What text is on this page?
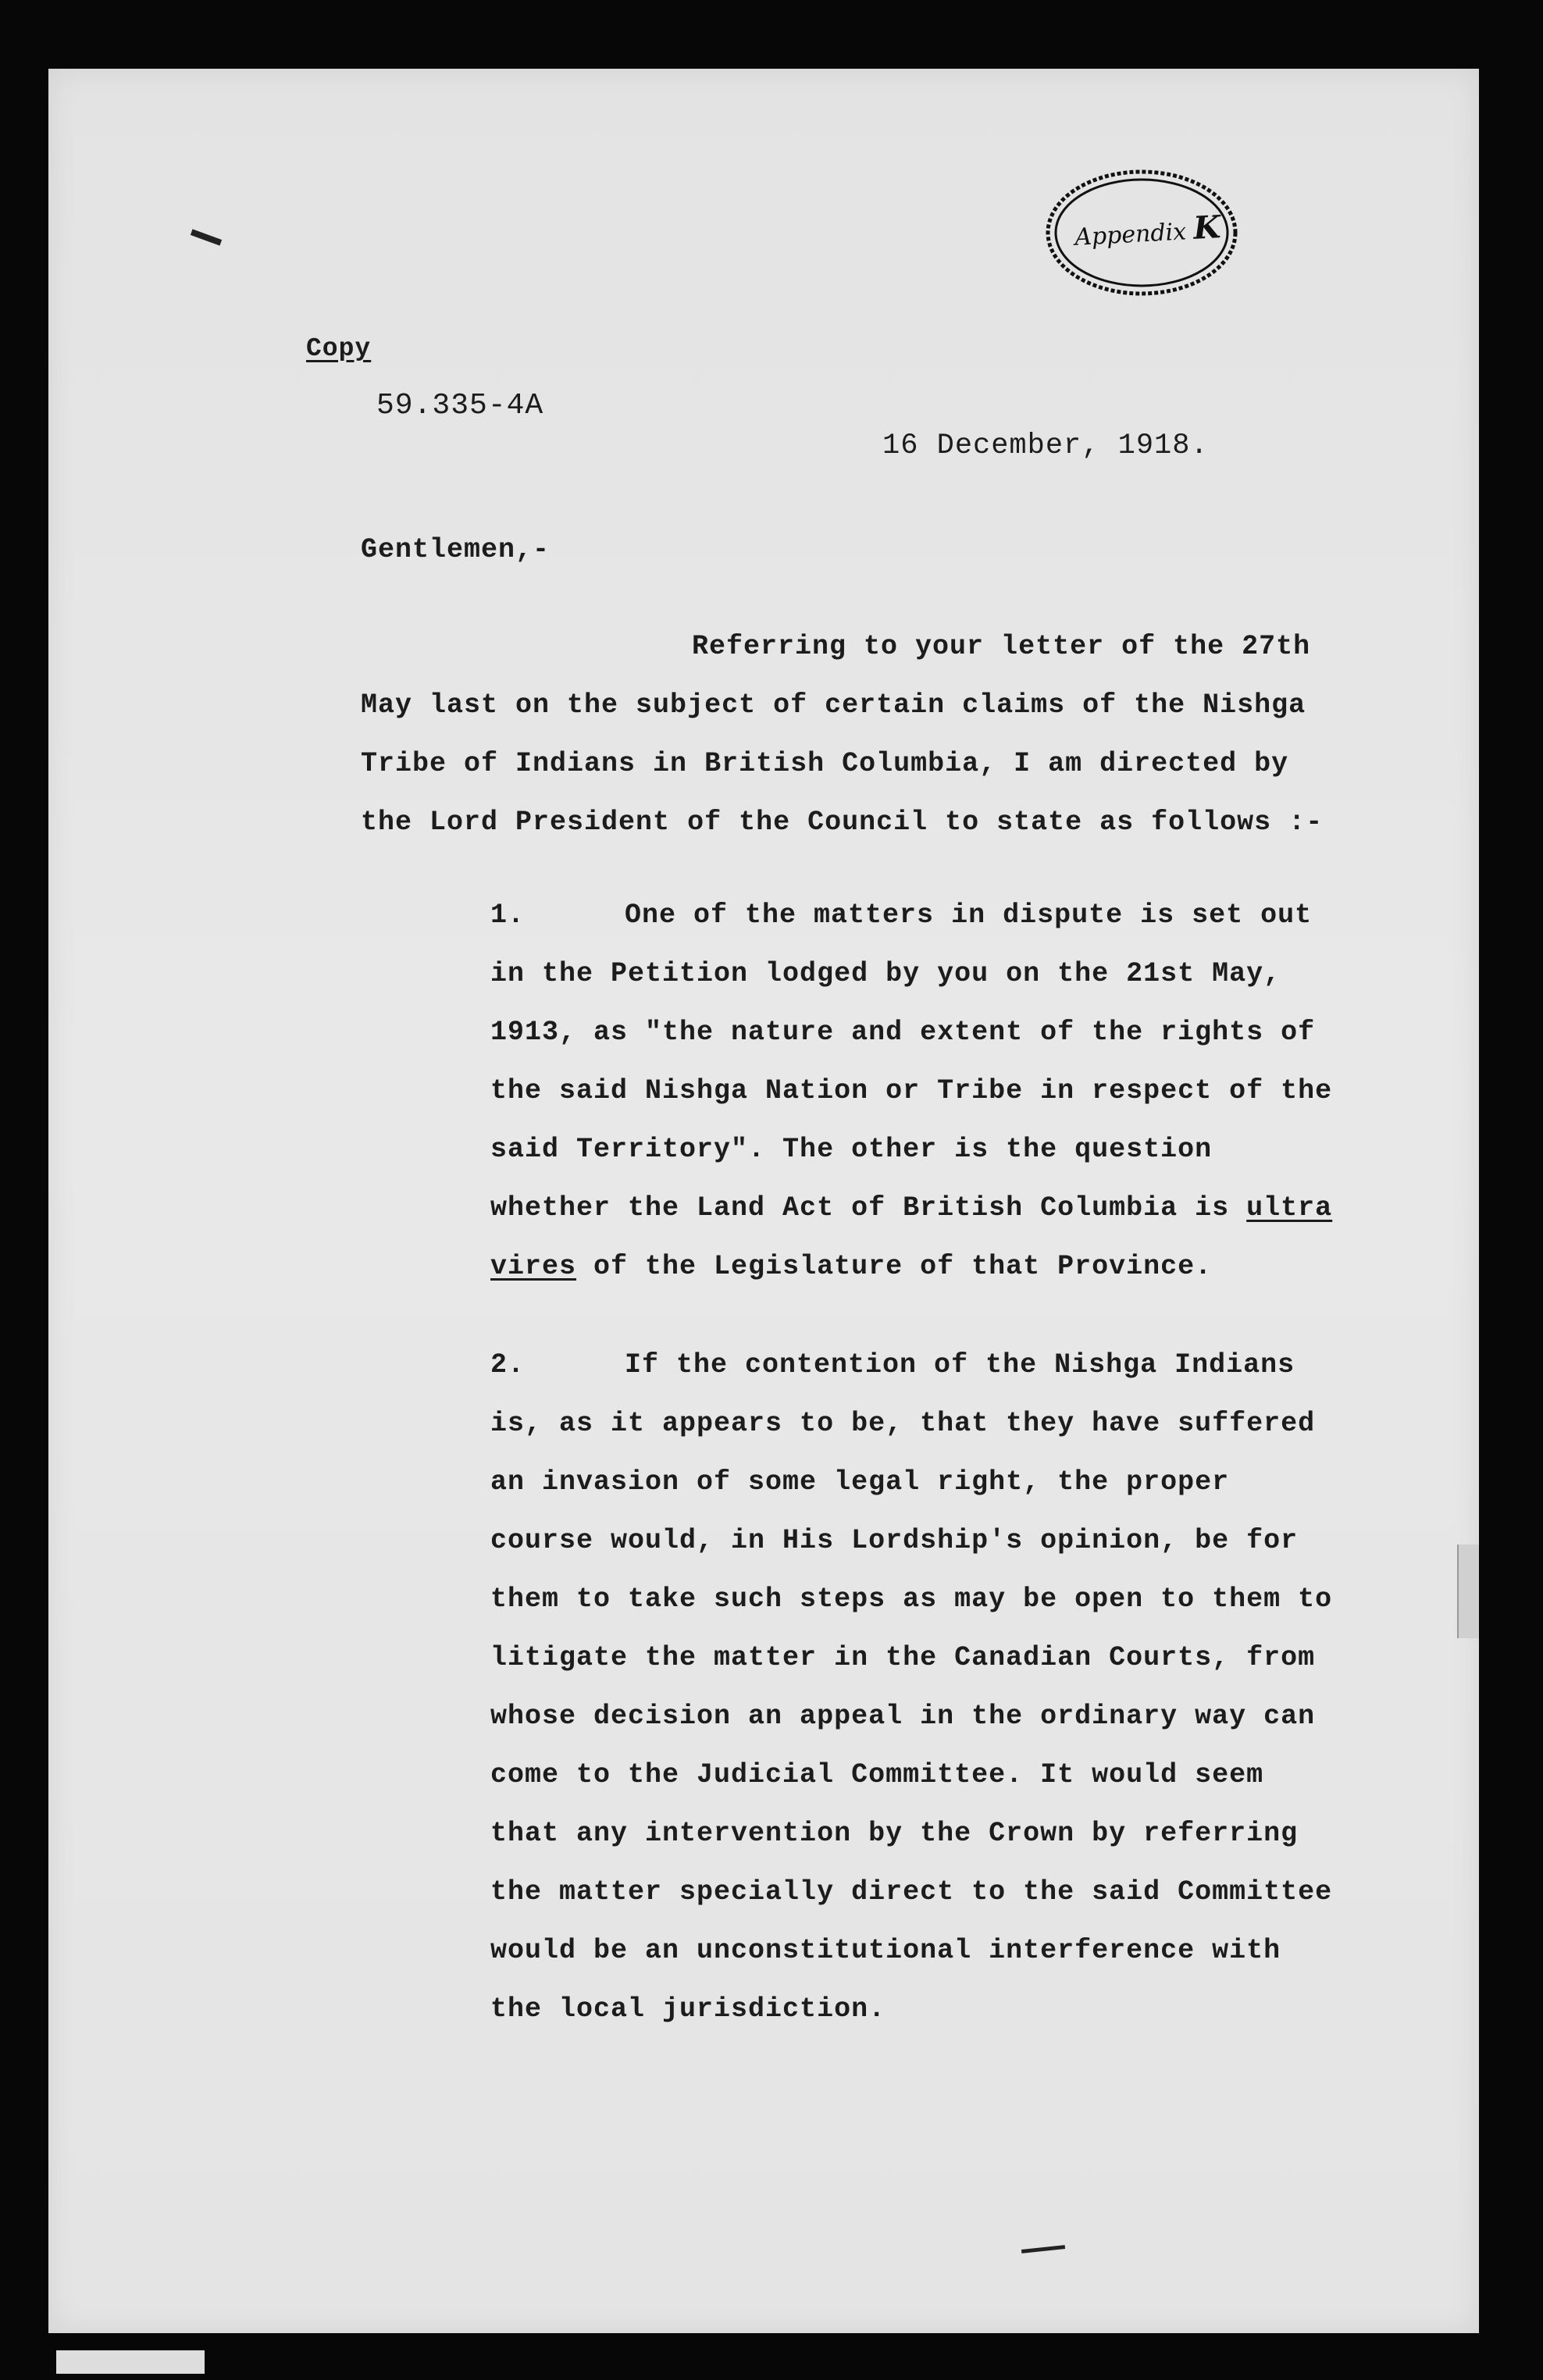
Appendix K
Copy
59.335-4A
16 December, 1918.
Gentlemen,-
Referring to your letter of the 27th
May last on the subject of certain claims of the Nishga
Tribe of Indians in British Columbia, I am directed by
the Lord President of the Council to state as follows :-
1.	One of the matters in dispute is set out
in the Petition lodged by you on the 21st May,
1913, as "the nature and extent of the rights of
the said Nishga Nation or Tribe in respect of the
said Territory". The other is the question
whether the Land Act of British Columbia is ultra
vires of the Legislature of that Province.
2.	If the contention of the Nishga Indians
is, as it appears to be, that they have suffered
an invasion of some legal right, the proper
course would, in His Lordship's opinion, be for
them to take such steps as may be open to them to
litigate the matter in the Canadian Courts, from
whose decision an appeal in the ordinary way can
come to the Judicial Committee. It would seem
that any intervention by the Crown by referring
the matter specially direct to the said Committee
would be an unconstitutional interference with
the local jurisdiction.
